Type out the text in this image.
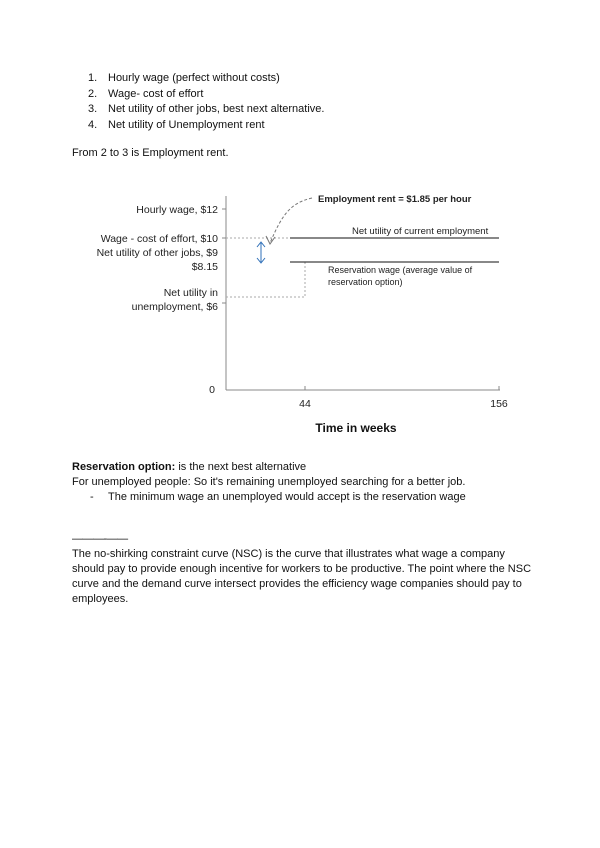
1. Hourly wage (perfect without costs)
2. Wage- cost of effort
3. Net utility of other jobs, best next alternative.
4. Net utility of Unemployment rent
From 2 to 3 is Employment rent.
Hourly wage, $12
Wage - cost of effort, $10
Net utility of other jobs, $9
$8.15
Net utility in
unemployment, $6
0
44	156
Time in weeks
Employment rent = $1.85 per hour
Net utility of current employment
Reservation wage (average value of
reservation option)
Reservation option: is the next best alternative
For unemployed people: So it's remaining unemployed searching for a better job.
-	The minimum wage an unemployed would accept is the reservation wage
———-——
The no-shirking constraint curve (NSC) is the curve that illustrates what wage a company should pay to provide enough incentive for workers to be productive. The point where the NSC curve and the demand curve intersect provides the efficiency wage companies should pay to employees.
